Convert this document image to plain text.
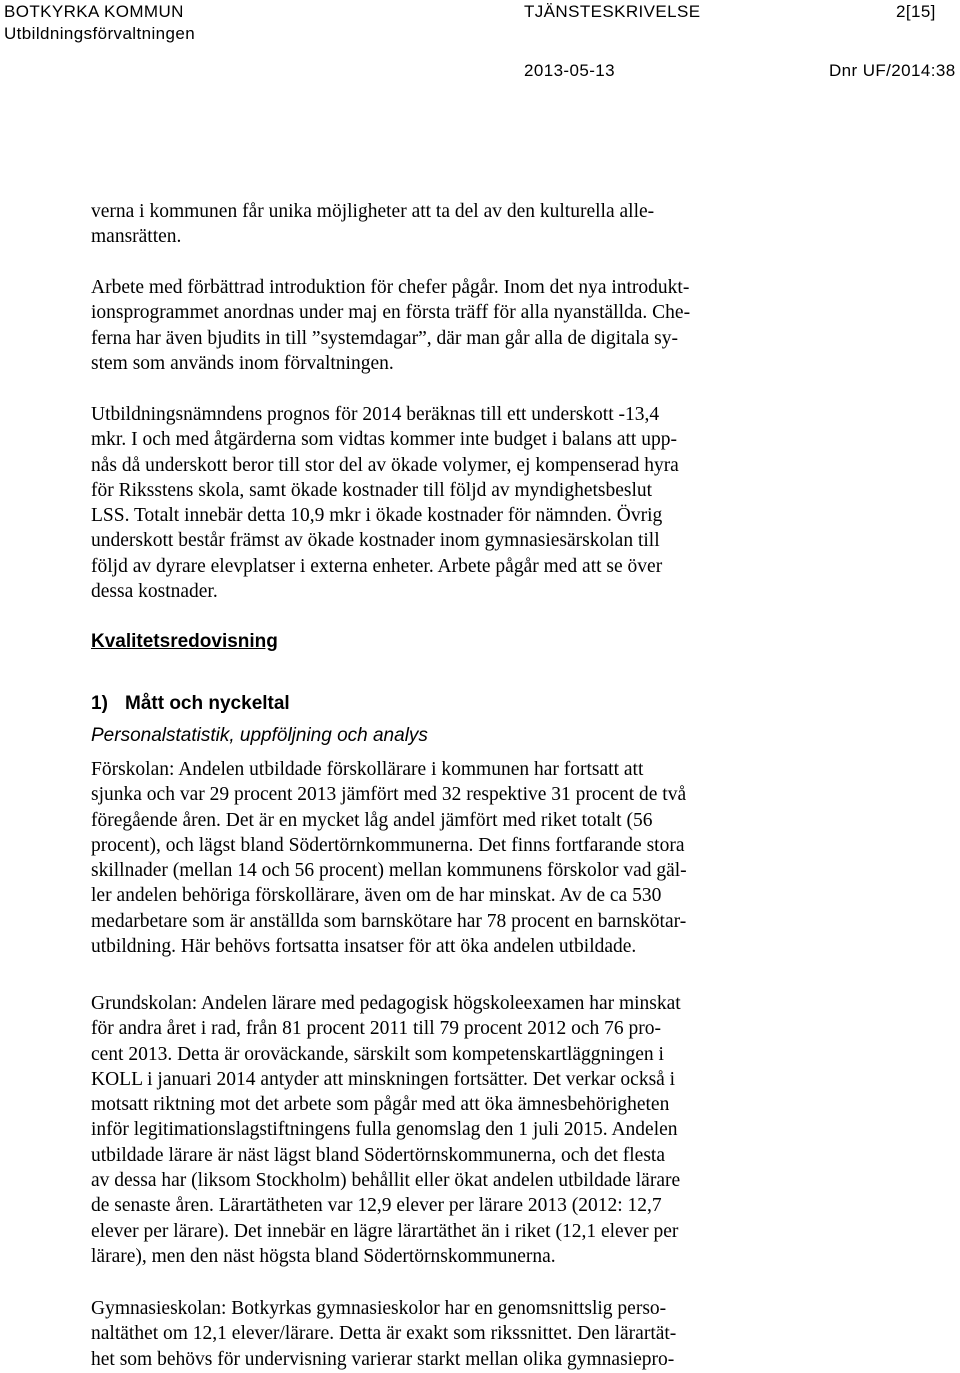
BOTKYRKA KOMMUN
Utbildningsförvaltningen
TJÄNSTESKRIVELSE	2[15]
2013-05-13	Dnr UF/2014:38
verna i kommunen får unika möjligheter att ta del av den kulturella alle-
mansrätten.
Arbete med förbättrad introduktion för chefer pågår. Inom det nya introdukt-
ionsprogrammet anordnas under maj en första träff för alla nyanställda. Che-
ferna har även bjudits in till ”systemdagar”, där man går alla de digitala sy-
stem som används inom förvaltningen.
Utbildningsnämndens prognos för 2014 beräknas till ett underskott -13,4
mkr. I och med åtgärderna som vidtas kommer inte budget i balans att upp-
nås då underskott beror till stor del av ökade volymer, ej kompenserad hyra
för Riksstens skola, samt ökade kostnader till följd av myndighetsbeslut
LSS. Totalt innebär detta 10,9 mkr i ökade kostnader för nämnden. Övrig
underskott består främst av ökade kostnader inom gymnasiesärskolan till
följd av dyrare elevplatser i externa enheter. Arbete pågår med att se över
dessa kostnader.
Kvalitetsredovisning
1) Mått och nyckeltal
Personalstatistik, uppföljning och analys
Förskolan: Andelen utbildade förskollärare i kommunen har fortsatt att
sjunka och var 29 procent 2013 jämfört med 32 respektive 31 procent de två
föregående åren. Det är en mycket låg andel jämfört med riket totalt (56
procent), och lägst bland Södertörnkommunerna. Det finns fortfarande stora
skillnader (mellan 14 och 56 procent) mellan kommunens förskolor vad gäl-
ler andelen behöriga förskollärare, även om de har minskat. Av de ca 530
medarbetare som är anställda som barnskötare har 78 procent en barnskötar-
utbildning. Här behövs fortsatta insatser för att öka andelen utbildade.
Grundskolan: Andelen lärare med pedagogisk högskoleexamen har minskat
för andra året i rad, från 81 procent 2011 till 79 procent 2012 och 76 pro-
cent 2013. Detta är oroväckande, särskilt som kompetenskartläggningen i
KOLL i januari 2014 antyder att minskningen fortsätter. Det verkar också i
motsatt riktning mot det arbete som pågår med att öka ämnesbehörigheten
inför legitimationslagstiftningens fulla genomslag den 1 juli 2015. Andelen
utbildade lärare är näst lägst bland Södertörnskommunerna, och det flesta
av dessa har (liksom Stockholm) behållit eller ökat andelen utbildade lärare
de senaste åren. Lärartätheten var 12,9 elever per lärare 2013 (2012: 12,7
elever per lärare). Det innebär en lägre lärartäthet än i riket (12,1 elever per
lärare), men den näst högsta bland Södertörnskommunerna.
Gymnasieskolan: Botkyrkas gymnasieskolor har en genomsnittslig perso-
naltäthet om 12,1 elever/lärare. Detta är exakt som rikssnittet. Den lärartät-
het som behövs för undervisning varierar starkt mellan olika gymnasiepro-
